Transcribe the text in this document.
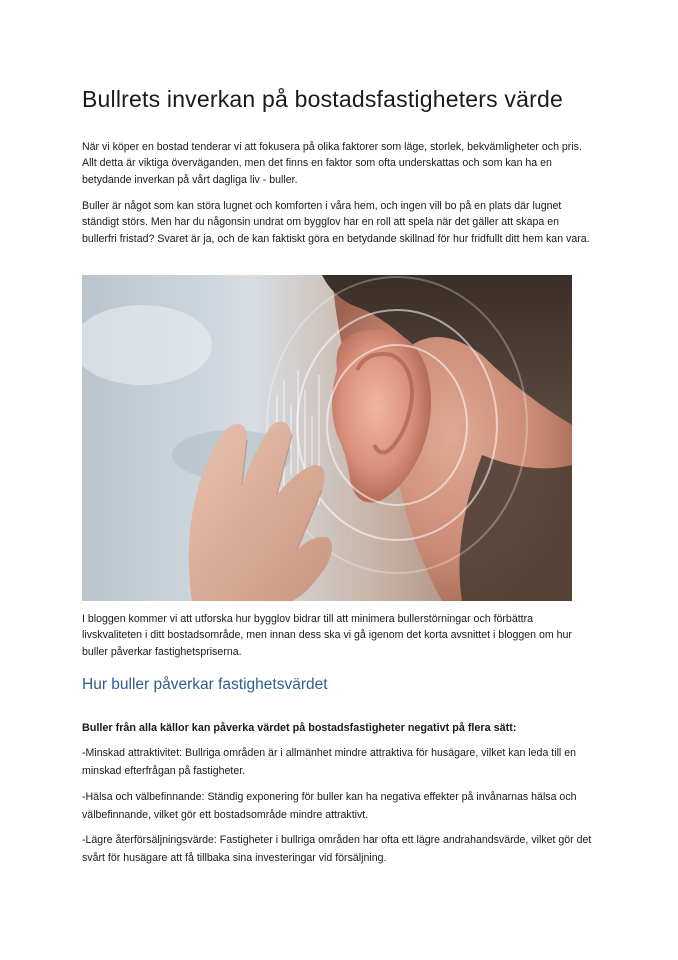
Bullrets inverkan på bostadsfastigheters värde

När vi köper en bostad tenderar vi att fokusera på olika faktorer som läge, storlek, bekvämligheter och pris. Allt detta är viktiga överväganden, men det finns en faktor som ofta underskattas och som kan ha en betydande inverkan på vårt dagliga liv - buller.

Buller är något som kan störa lugnet och komforten i våra hem, och ingen vill bo på en plats där lugnet ständigt störs. Men har du någonsin undrat om bygglov har en roll att spela när det gäller att skapa en bullerfri fristad? Svaret är ja, och de kan faktiskt göra en betydande skillnad för hur fridfullt ditt hem kan vara.

I bloggen kommer vi att utforska hur bygglov bidrar till att minimera bullerstörningar och förbättra livskvaliteten i ditt bostadsområde, men innan dess ska vi gå igenom det korta avsnittet i bloggen om hur buller påverkar fastighetspriserna.

Hur buller påverkar fastighetsvärdet

Buller från alla källor kan påverka värdet på bostadsfastigheter negativt på flera sätt:

-Minskad attraktivitet: Bullriga områden är i allmänhet mindre attraktiva för husägare, vilket kan leda till en minskad efterfrågan på fastigheter.

-Hälsa och välbefinnande: Ständig exponering för buller kan ha negativa effekter på invånarnas hälsa och välbefinnande, vilket gör ett bostadsområde mindre attraktivt.

-Lägre återförsäljningsvärde: Fastigheter i bullriga områden har ofta ett lägre andrahandsvärde, vilket gör det svårt för husägare att få tillbaka sina investeringar vid försäljning.
